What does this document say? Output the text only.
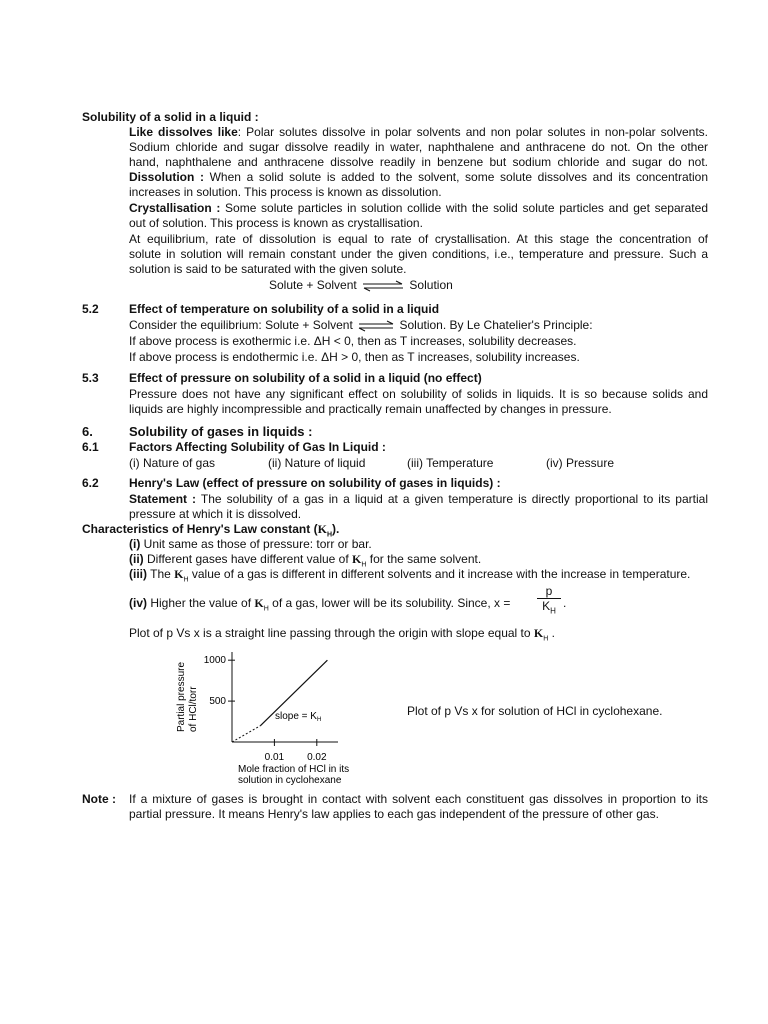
Solubility of a solid in a liquid :
Like dissolves like: Polar solutes dissolve in polar solvents and non polar solutes in non-polar solvents.
Sodium chloride and sugar dissolve readily in water, naphthalene and anthracene do not. On the other
hand, naphthalene and anthracene dissolve readily in benzene but sodium chloride and sugar do not.
Dissolution : When a solid solute is added to the solvent, some solute dissolves and its concentration
increases in solution. This process is known as dissolution.
Crystallisation : Some solute particles in solution collide with the solid solute particles and get separated
out of solution. This process is known as crystallisation.
At equilibrium, rate of dissolution is equal to rate of crystallisation. At this stage the concentration of
solute in solution will remain constant under the given conditions, i.e., temperature and pressure. Such a
solution is said to be saturated with the given solute.
Solute + Solvent ⇌ Solution
5.2	Effect of temperature on solubility of a solid in a liquid
Consider the equilibrium: Solute + Solvent ⇌ Solution. By Le Chatelier's Principle:
If above process is exothermic i.e. ΔH < 0, then as T increases, solubility decreases.
If above process is endothermic i.e. ΔH > 0, then as T increases, solubility increases.
5.3	Effect of pressure on solubility of a solid in a liquid (no effect)
Pressure does not have any significant effect on solubility of solids in liquids. It is so because solids and
liquids are highly incompressible and practically remain unaffected by changes in pressure.
6.	Solubility of gases in liquids :
6.1	Factors Affecting Solubility of Gas In Liquid :
(i) Nature of gas	(ii) Nature of liquid	(iii) Temperature	(iv) Pressure
6.2	Henry's Law (effect of pressure on solubility of gases in liquids) :
Statement : The solubility of a gas in a liquid at a given temperature is directly proportional to its partial
pressure at which it is dissolved.
Characteristics of Henry's Law constant $(K_H)$.
(i) Unit same as those of pressure: torr or bar.
(ii) Different gases have different value of $K_H$ for the same solvent.
(iii) The $K_H$ value of a gas is different in different solvents and it increase with the increase in temperature.
(iv) Higher the value of $K_H$ of a gas, lower will be its solubility. Since, $x = \frac{p}{K_H}$ .
Plot of p Vs x is a straight line passing through the origin with slope equal to $K_H$ .
1000
500
0.01 0.02
Partial pressure of HCl/torr	slope = $K_H$
Mole fraction of HCl in its
solution in cyclohexane
Plot of p Vs x for solution of HCl in cyclohexane.
Note : If a mixture of gases is brought in contact with solvent each constituent gas dissolves in proportion to its
partial pressure. It means Henry's law applies to each gas independent of the pressure of other gas.
